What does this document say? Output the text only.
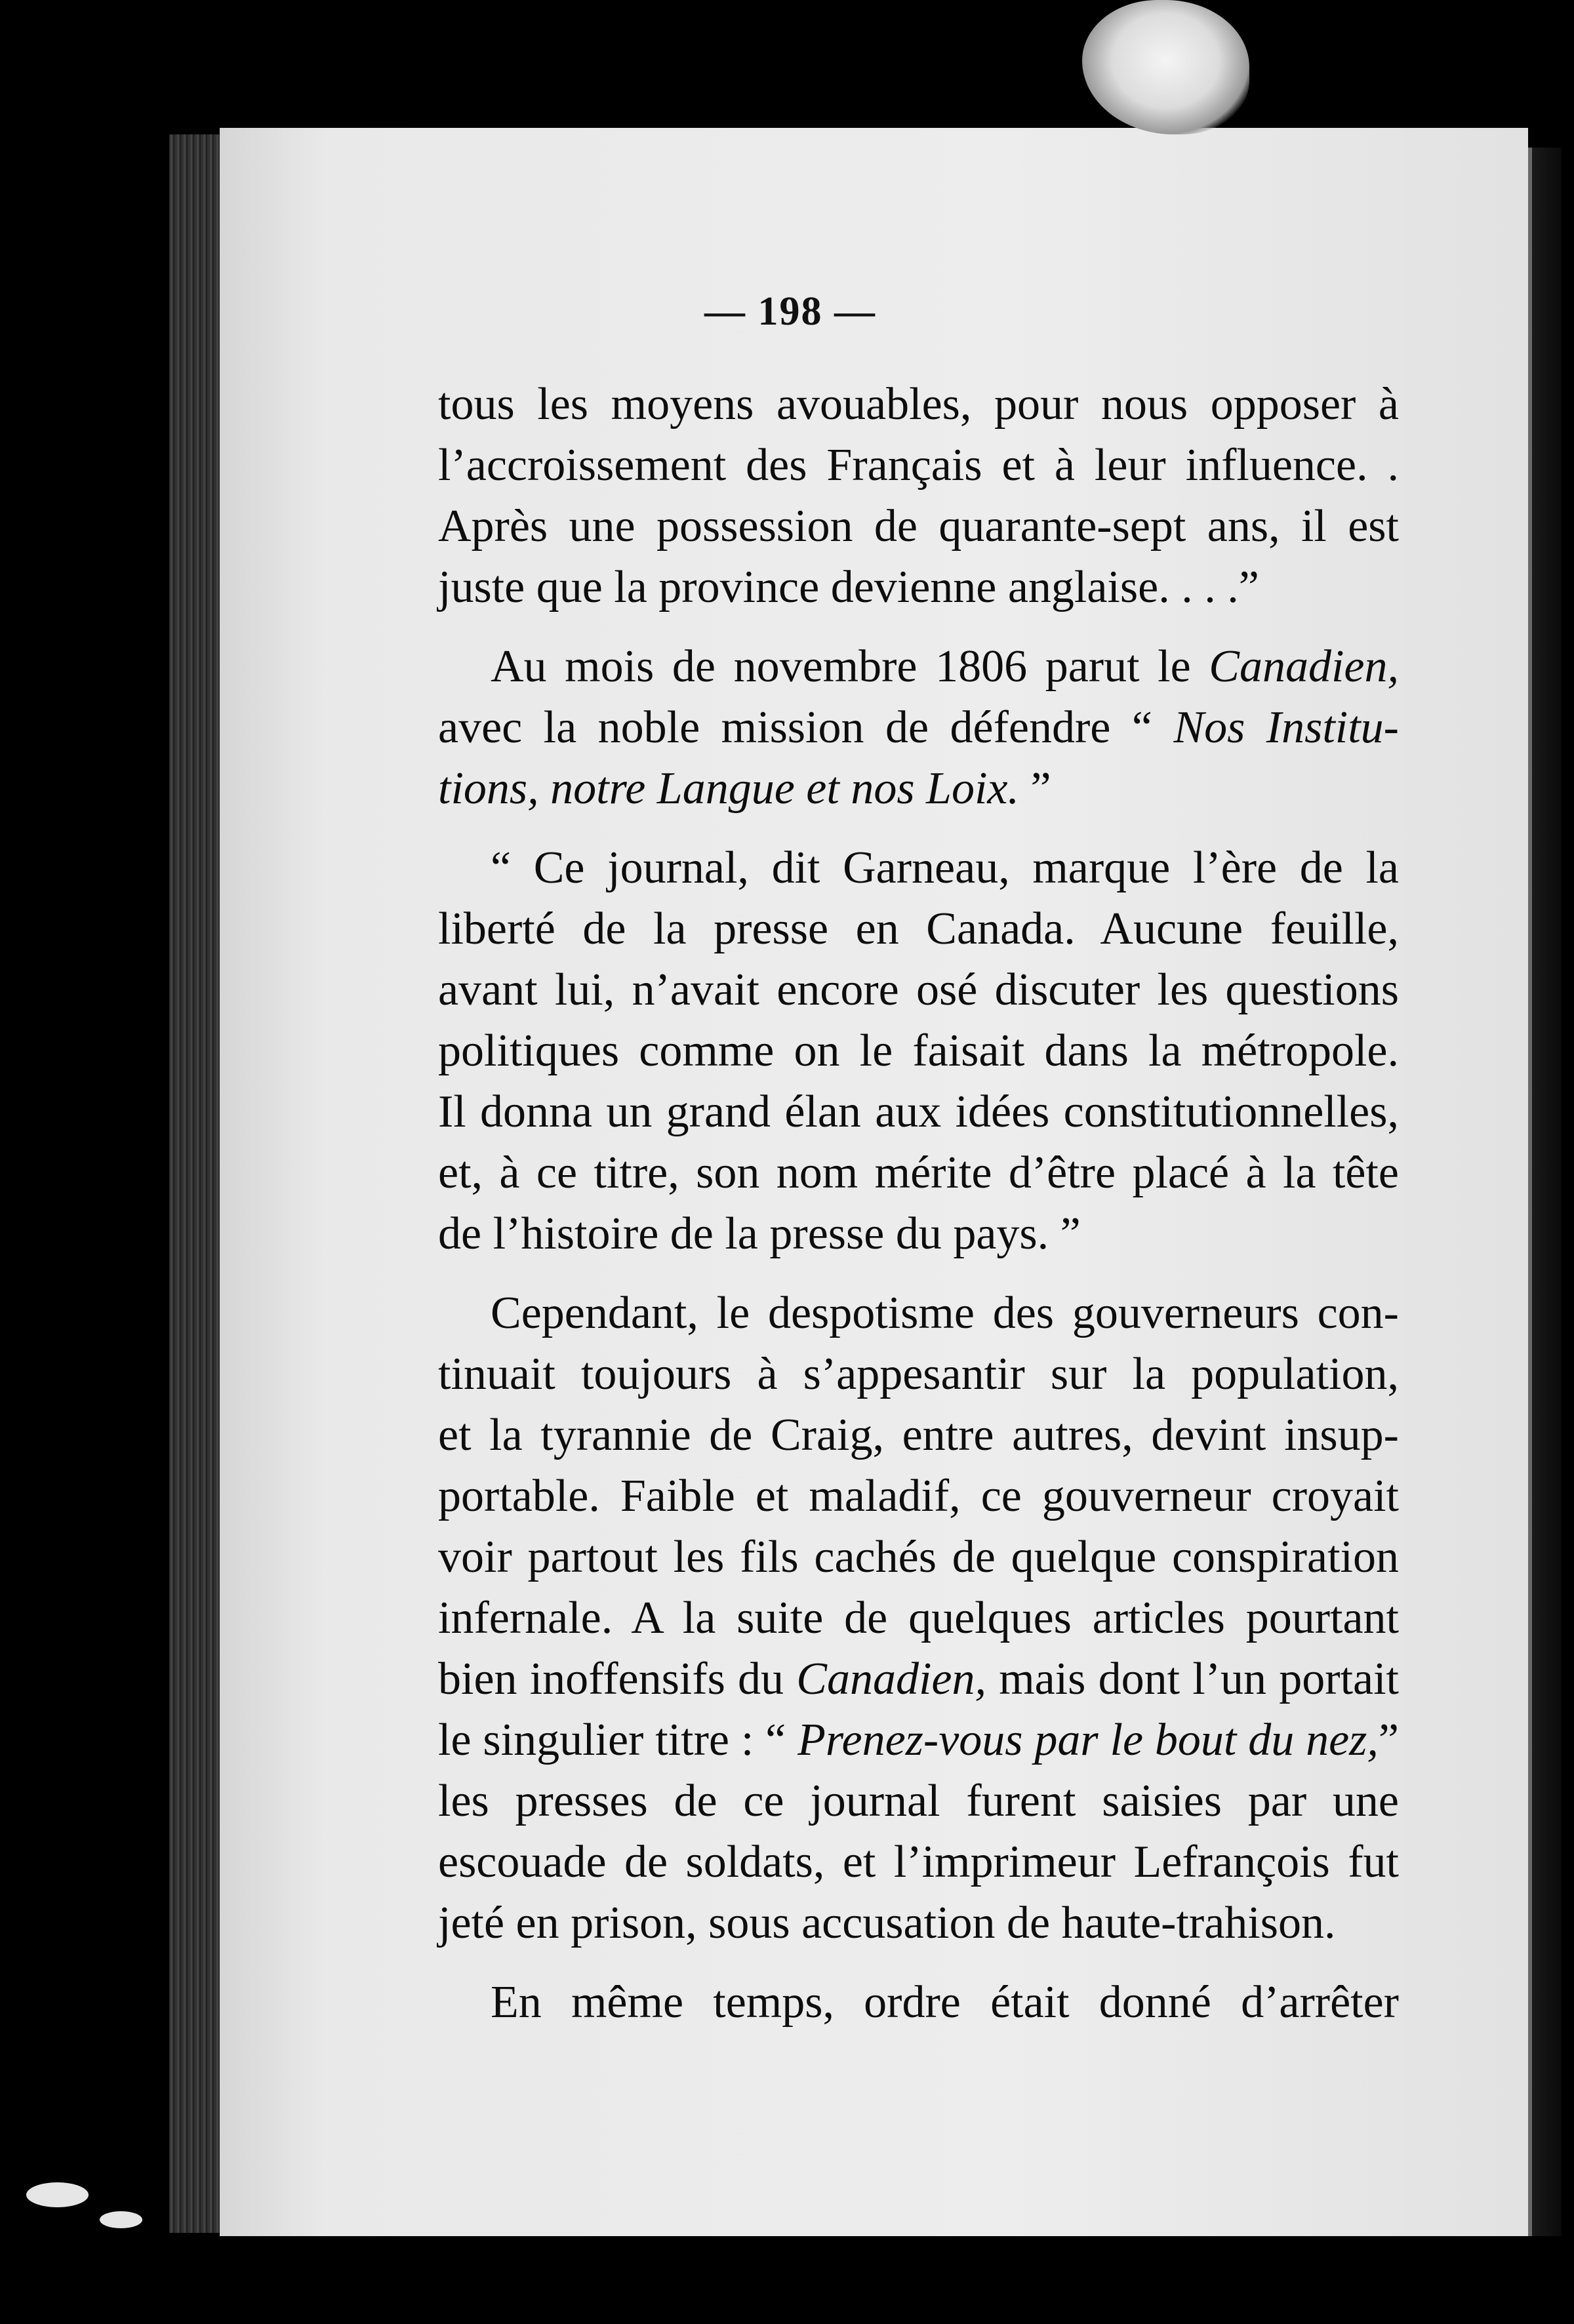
— 198 —
tous les moyens avouables, pour nous opposer à
l’accroissement des Français et à leur influence. .
Après une possession de quarante-sept ans, il est
juste que la province devienne anglaise. . . .”
Au mois de novembre 1806 parut le Canadien,
avec la noble mission de défendre “ Nos Institu-
tions, notre Langue et nos Loix. ”
“ Ce journal, dit Garneau, marque l’ère de la
liberté de la presse en Canada. Aucune feuille,
avant lui, n’avait encore osé discuter les questions
politiques comme on le faisait dans la métropole.
Il donna un grand élan aux idées constitutionnelles,
et, à ce titre, son nom mérite d’être placé à la tête
de l’histoire de la presse du pays. ”
Cependant, le despotisme des gouverneurs con-
tinuait toujours à s’appesantir sur la population,
et la tyrannie de Craig, entre autres, devint insup-
portable. Faible et maladif, ce gouverneur croyait
voir partout les fils cachés de quelque conspiration
infernale. A la suite de quelques articles pourtant
bien inoffensifs du Canadien, mais dont l’un portait
le singulier titre : “ Prenez-vous par le bout du nez,”
les presses de ce journal furent saisies par une
escouade de soldats, et l’imprimeur Lefrançois fut
jeté en prison, sous accusation de haute-trahison.
En même temps, ordre était donné d’arrêter
